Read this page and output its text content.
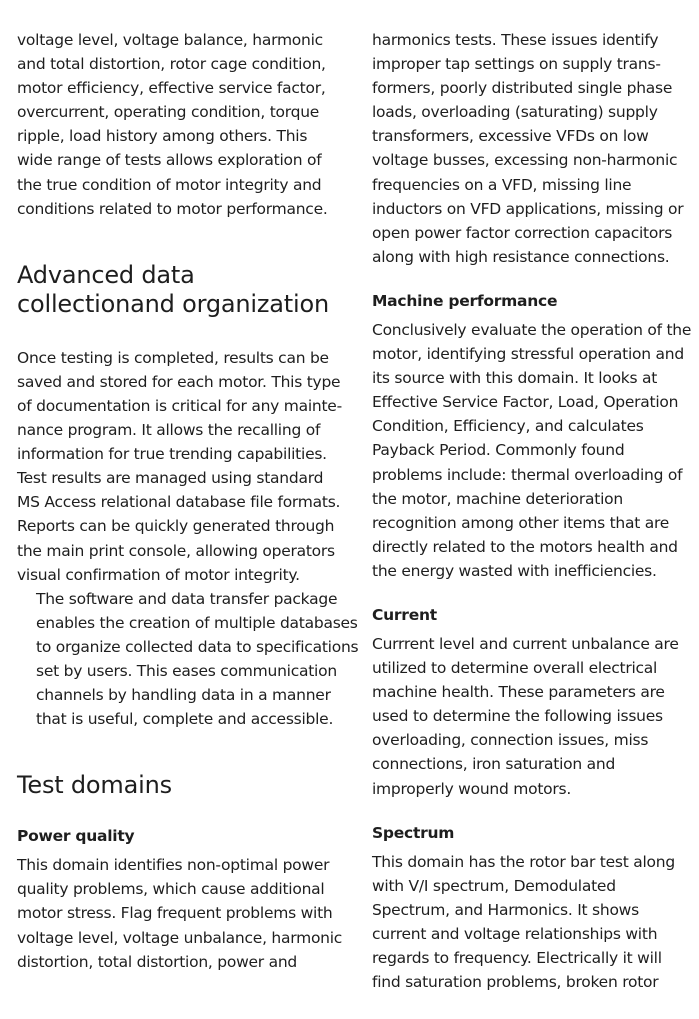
voltage level, voltage balance, harmonic
and total distortion, rotor cage condition,
motor efficiency, effective service factor,
overcurrent, operating condition, torque
ripple, load history among others. This
wide range of tests allows exploration of
the true condition of motor integrity and
conditions related to motor performance.

Advanced data collectionand organization

Once testing is completed, results can be
saved and stored for each motor. This type
of documentation is critical for any mainte-
nance program. It allows the recalling of
information for true trending capabilities.
Test results are managed using standard
MS Access relational database file formats.
Reports can be quickly generated through
the main print console, allowing operators
visual confirmation of motor integrity.

The software and data transfer package
enables the creation of multiple databases
to organize collected data to specifications
set by users. This eases communication
channels by handling data in a manner
that is useful, complete and accessible.

Test domains
Power quality

This domain identifies non-optimal power
quality problems, which cause additional
motor stress. Flag frequent problems with
voltage level, voltage unbalance, harmonic
distortion, total distortion, power and

harmonics tests. These issues identify
improper tap settings on supply trans-
formers, poorly distributed single phase
loads, overloading (saturating) supply
transformers, excessive VFDs on low
voltage busses, excessing non-harmonic
frequencies on a VFD, missing line
inductors on VFD applications, missing or
open power factor correction capacitors
along with high resistance connections.

Machine performance

Conclusively evaluate the operation of the
motor, identifying stressful operation and
its source with this domain. It looks at
Effective Service Factor, Load, Operation
Condition, Efficiency, and calculates
Payback Period. Commonly found
problems include: thermal overloading of
the motor, machine deterioration
recognition among other items that are
directly related to the motors health and
the energy wasted with inefficiencies.

Current

Currrent level and current unbalance are
utilized to determine overall electrical
machine health. These parameters are
used to determine the following issues
overloading, connection issues, miss
connections, iron saturation and
improperly wound motors.

Spectrum

This domain has the rotor bar test along
with V/I spectrum, Demodulated
Spectrum, and Harmonics. It shows
current and voltage relationships with
regards to frequency. Electrically it will
find saturation problems, broken rotor
